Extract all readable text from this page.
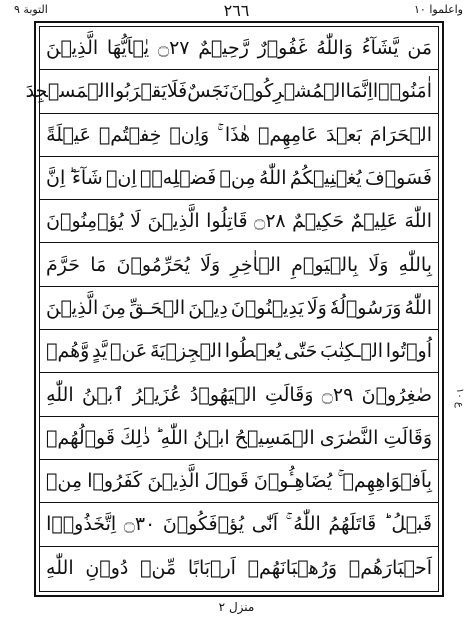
التوبة ٩	٢٦٦	واعلموا ١٠
مَن
يَّشَآءُ
وَاللّٰهُ
غَفُوۡرٌ
رَّحِيۡمٌ
۝٢٧
يٰۤاَيُّهَا
الَّذِيۡنَ
اٰمَنُوۡۤا
اِنَّمَا
الۡمُشۡرِكُوۡنَ
نَجَسٌ
فَلَا
يَقۡرَبُوا
الۡمَسۡجِدَ
الۡحَرَامَ
بَعۡدَ
عَامِهِمۡ
هٰذَا
وَاِنۡ
خِفۡتُمۡ
عَيۡلَةً
فَسَوۡفَ
يُغۡنِيۡكُمُ
اللّٰهُ
مِنۡ
فَضۡلِهٖۤ
اِنۡ
شَآءَ
اِنَّ
اللّٰهَ
عَلِيۡمٌ
حَكِيۡمٌ
۝٢٨
قَاتِلُوا
الَّذِيۡنَ
لَا
يُؤۡمِنُوۡنَ
بِاللّٰهِ
وَلَا
بِالۡيَوۡمِ
الۡاٰخِرِ
وَلَا
يُحَرِّمُوۡنَ
مَا
حَرَّمَ
اللّٰهُ
وَرَسُوۡلُهٗ
وَلَا
يَدِيۡنُوۡنَ
دِيۡنَ
الۡحَـقِّ
مِنَ
الَّذِيۡنَ
اُوۡتُوا
الۡـكِتٰبَ
حَتّٰى
يُعۡطُوا
الۡجِزۡيَةَ
عَنۡ
يَّدٍ
وَّهُمۡ
صٰغِرُوۡنَ
۝٢٩
وَقَالَتِ
الۡيَهُوۡدُ
عُزَيۡرُ
ٱبۡنُ
اللّٰهِ
وَقَالَتِ
النَّصٰرَى
الۡمَسِيۡحُ
ابۡنُ
اللّٰهِ
ذٰلِكَ
قَوۡلُهُمۡ
بِاَفۡوَاهِهِمۡ
يُضَاهِـُٔوۡنَ
قَوۡلَ
الَّذِيۡنَ
كَفَرُوۡا
مِنۡ
قَبۡلُ
قَاتَلَهُمُ
اللّٰهُ
اَنّٰى
يُؤۡفَكُوۡنَ
۝٣٠
اِتَّخَذُوۡۤا
اَحۡبَارَهُمۡ
وَرُهۡبَانَهُمۡ
اَرۡبَابًا
مِّنۡ
دُوۡنِ
اللّٰهِ
ع ١٠
منزل ٢
